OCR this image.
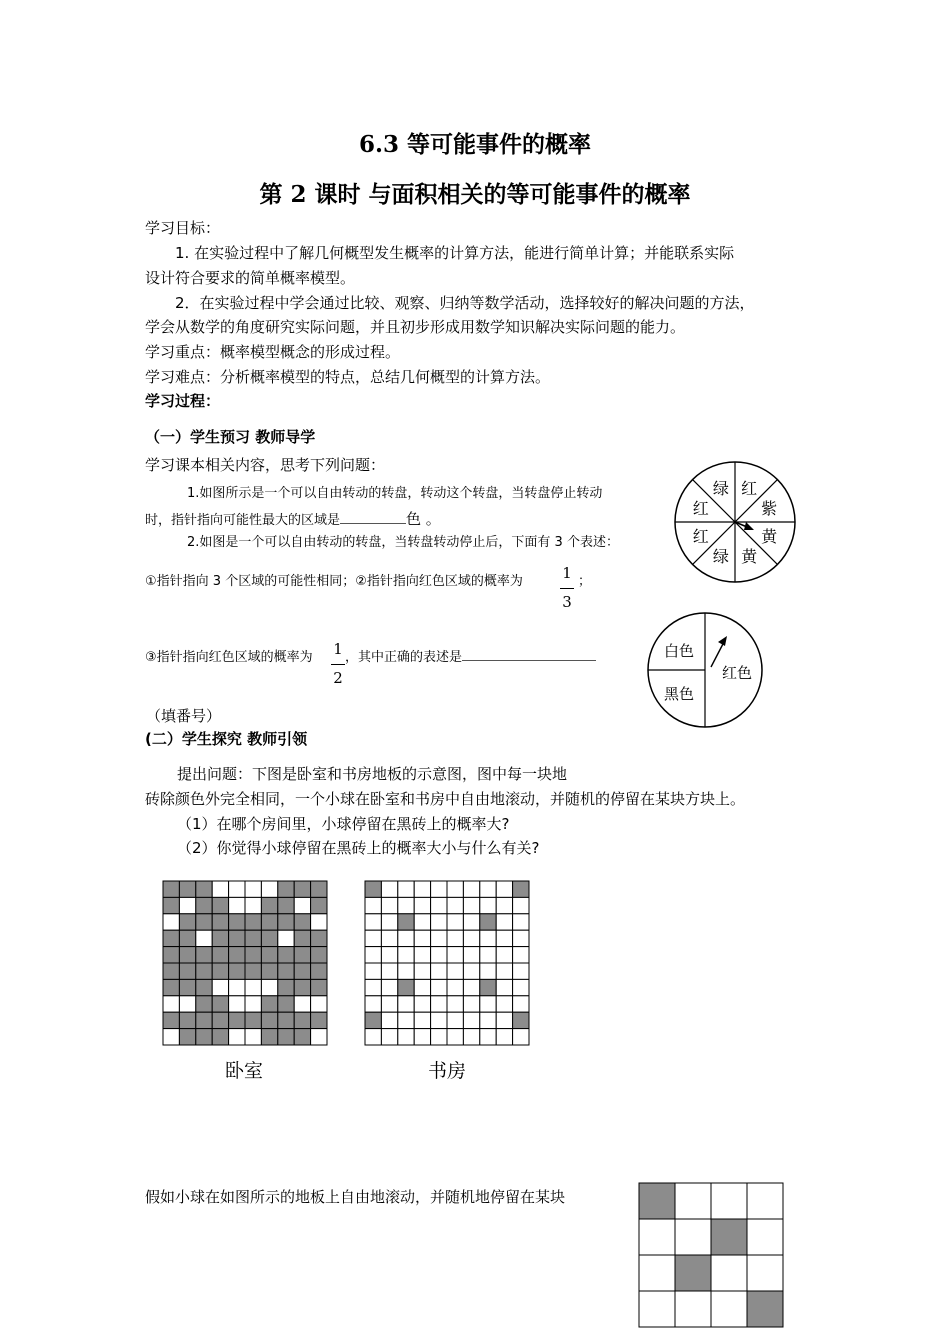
6.3 等可能事件的概率
第 2 课时 与面积相关的等可能事件的概率
学习目标：
1. 在实验过程中了解几何概型发生概率的计算方法，能进行简单计算；并能联系实际
设计符合要求的简单概率模型。
2．在实验过程中学会通过比较、观察、归纳等数学活动，选择较好的解决问题的方法，
学会从数学的角度研究实际问题，并且初步形成用数学知识解决实际问题的能力。
学习重点：概率模型概念的形成过程。
学习难点：分析概率模型的特点，总结几何概型的计算方法。
学习过程：
（一）学生预习 教师导学
学习课本相关内容，思考下列问题：
1.如图所示是一个可以自由转动的转盘，转动这个转盘，当转盘停止转动
时，指针指向可能性最大的区域是	色 。
2.如图是一个可以自由转动的转盘，当转盘转动停止后，下面有 3 个表述：
①指针指向 3 个区域的可能性相同；②指针指向红色区域的概率为	1
3
；
③指针指向红色区域的概率为 1
2
，其中正确的表述是
（填番号）
绿 红
紫
黄
黄
绿
红
红
白色
黑色
红色
(二）学生探究 教师引领
提出问题：下图是卧室和书房地板的示意图，图中每一块地
砖除颜色外完全相同，一个小球在卧室和书房中自由地滚动，并随机的停留在某块方块上。
（1）在哪个房间里，小球停留在黑砖上的概率大?
（2）你觉得小球停留在黑砖上的概率大小与什么有关?
卧室	书房
假如小球在如图所示的地板上自由地滚动，并随机地停留在某块
